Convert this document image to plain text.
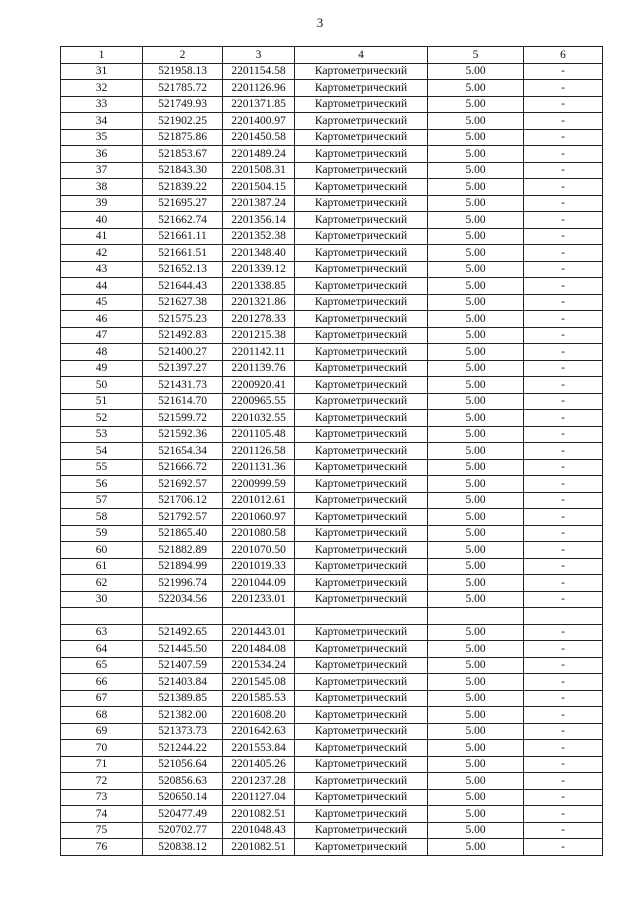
3
1	2	3	4	5	6
31	521958.13	2201154.58	Картометрический	5.00	-
32	521785.72	2201126.96	Картометрический	5.00	-
33	521749.93	2201371.85	Картометрический	5.00	-
34	521902.25	2201400.97	Картометрический	5.00	-
35	521875.86	2201450.58	Картометрический	5.00	-
36	521853.67	2201489.24	Картометрический	5.00	-
37	521843.30	2201508.31	Картометрический	5.00	-
38	521839.22	2201504.15	Картометрический	5.00	-
39	521695.27	2201387.24	Картометрический	5.00	-
40	521662.74	2201356.14	Картометрический	5.00	-
41	521661.11	2201352.38	Картометрический	5.00	-
42	521661.51	2201348.40	Картометрический	5.00	-
43	521652.13	2201339.12	Картометрический	5.00	-
44	521644.43	2201338.85	Картометрический	5.00	-
45	521627.38	2201321.86	Картометрический	5.00	-
46	521575.23	2201278.33	Картометрический	5.00	-
47	521492.83	2201215.38	Картометрический	5.00	-
48	521400.27	2201142.11	Картометрический	5.00	-
49	521397.27	2201139.76	Картометрический	5.00	-
50	521431.73	2200920.41	Картометрический	5.00	-
51	521614.70	2200965.55	Картометрический	5.00	-
52	521599.72	2201032.55	Картометрический	5.00	-
53	521592.36	2201105.48	Картометрический	5.00	-
54	521654.34	2201126.58	Картометрический	5.00	-
55	521666.72	2201131.36	Картометрический	5.00	-
56	521692.57	2200999.59	Картометрический	5.00	-
57	521706.12	2201012.61	Картометрический	5.00	-
58	521792.57	2201060.97	Картометрический	5.00	-
59	521865.40	2201080.58	Картометрический	5.00	-
60	521882.89	2201070.50	Картометрический	5.00	-
61	521894.99	2201019.33	Картометрический	5.00	-
62	521996.74	2201044.09	Картометрический	5.00	-
30	522034.56	2201233.01	Картометрический	5.00	-

63	521492.65	2201443.01	Картометрический	5.00	-
64	521445.50	2201484.08	Картометрический	5.00	-
65	521407.59	2201534.24	Картометрический	5.00	-
66	521403.84	2201545.08	Картометрический	5.00	-
67	521389.85	2201585.53	Картометрический	5.00	-
68	521382.00	2201608.20	Картометрический	5.00	-
69	521373.73	2201642.63	Картометрический	5.00	-
70	521244.22	2201553.84	Картометрический	5.00	-
71	521056.64	2201405.26	Картометрический	5.00	-
72	520856.63	2201237.28	Картометрический	5.00	-
73	520650.14	2201127.04	Картометрический	5.00	-
74	520477.49	2201082.51	Картометрический	5.00	-
75	520702.77	2201048.43	Картометрический	5.00	-
76	520838.12	2201082.51	Картометрический	5.00	-
